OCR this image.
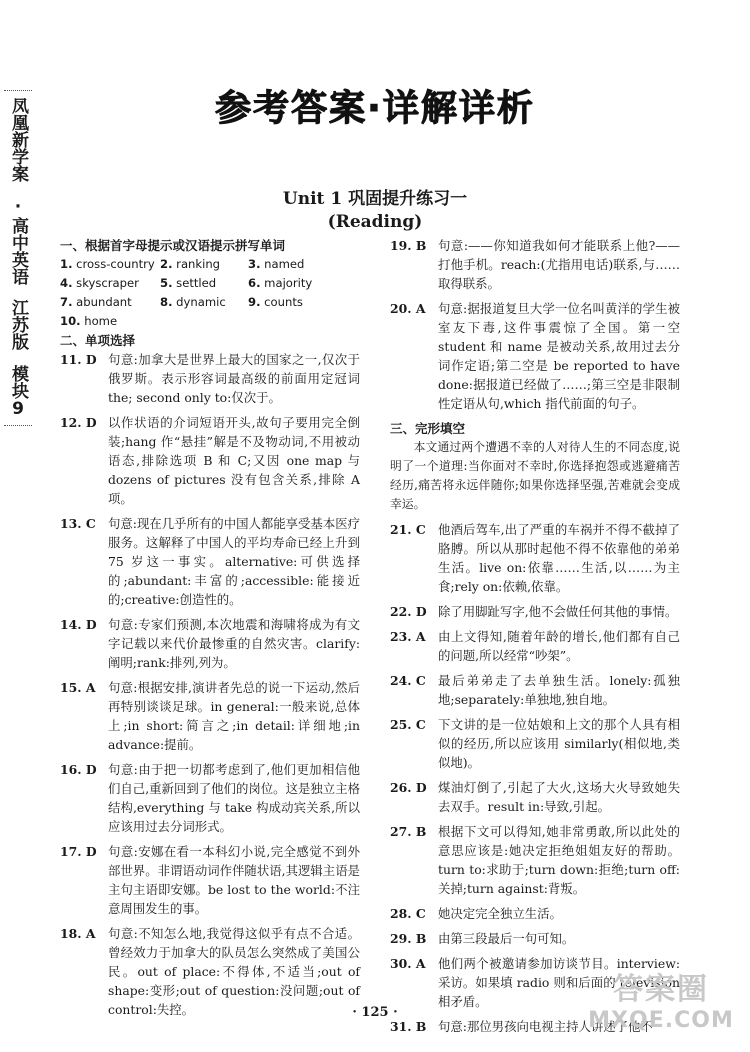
凤凰新学案
·高中英语
江苏版
模块9
参考答案·详解详析
Unit 1 巩固提升练习一
(Reading)

一、根据首字母提示或汉语提示拼写单词

1. cross-country 2. ranking	3. named
4. skyscraper	5. settled	6. majority
7. abundant	8. dynamic	9. counts
10. home

二、单项选择

11. D 句意:加拿大是世界上最大的国家之一,仅次于俄罗斯。表示形容词最高级的前面用定冠词 the; second only to:仅次于。
12. D 以作状语的介词短语开头,故句子要用完全倒装;hang 作“悬挂”解是不及物动词,不用被动语态,排除选项 B 和 C;又因 one map 与 dozens of pictures 没有包含关系,排除 A 项。
13. C 句意:现在几乎所有的中国人都能享受基本医疗服务。这解释了中国人的平均寿命已经上升到 75 岁这一事实。alternative:可供选择的;abundant:丰富的;accessible:能接近的;creative:创造性的。
14. D 句意:专家们预测,本次地震和海啸将成为有文字记载以来代价最惨重的自然灾害。clarify:阐明;rank:排列,列为。
15. A	句意:根据安排,演讲者先总的说一下运动,然后再特别谈谈足球。in general:一般来说,总体上;in short:简言之;in detail:详细地;in advance:提前。
16. D 句意:由于把一切都考虑到了,他们更加相信他们自己,重新回到了他们的岗位。这是独立主格结构,everything 与 take 构成动宾关系,所以应该用过去分词形式。
17. D 句意:安娜在看一本科幻小说,完全感觉不到外部世界。非谓语动词作伴随状语,其逻辑主语是主句主语即安娜。be lost to the world:不注意周围发生的事。
18. A	句意:不知怎么地,我觉得这似乎有点不合适。曾经效力于加拿大的队员怎么突然成了美国公民。out of place:不得体,不适当;out of shape:变形;out of question:没问题;out of control:失控。
19. B 句意:——你知道我如何才能联系上他?——打他手机。reach:(尤指用电话)联系,与……取得联系。
20. A	句意:据报道复旦大学一位名叫黄洋的学生被室友下毒,这件事震惊了全国。第一空 student 和 name 是被动关系,故用过去分词作定语;第二空是 be reported to have done:据报道已经做了……;第三空是非限制性定语从句,which 指代前面的句子。

三、完形填空

本文通过两个遭遇不幸的人对待人生的不同态度,说明了一个道理:当你面对不幸时,你选择抱怨或逃避痛苦经历,痛苦将永远伴随你;如果你选择坚强,苦难就会变成幸运。

21. C 他酒后驾车,出了严重的车祸并不得不截掉了胳膊。所以从那时起他不得不依靠他的弟弟生活。live on:依靠……生活,以……为主食;rely on:依赖,依靠。
22. D 除了用脚趾写字,他不会做任何其他的事情。
23. A	由上文得知,随着年龄的增长,他们都有自己的问题,所以经常“吵架”。
24. C 最后弟弟走了去单独生活。lonely:孤独地;separately:单独地,独自地。
25. C 下文讲的是一位姑娘和上文的那个人具有相似的经历,所以应该用 similarly(相似地,类似地)。
26. D 煤油灯倒了,引起了大火,这场大火导致她失去双手。result in:导致,引起。
27. B 根据下文可以得知,她非常勇敢,所以此处的意思应该是:她决定拒绝姐姐友好的帮助。turn to:求助于;turn down:拒绝;turn off:关掉;turn against:背叛。
28. C 她决定完全独立生活。
29. B 由第三段最后一句可知。
30. A	他们两个被邀请参加访谈节目。interview:采访。如果填 radio 则和后面的 television 相矛盾。
31. B 句意:那位男孩向电视主持人讲述了他不
· 125 ·
答案圈
MXQE.COM
